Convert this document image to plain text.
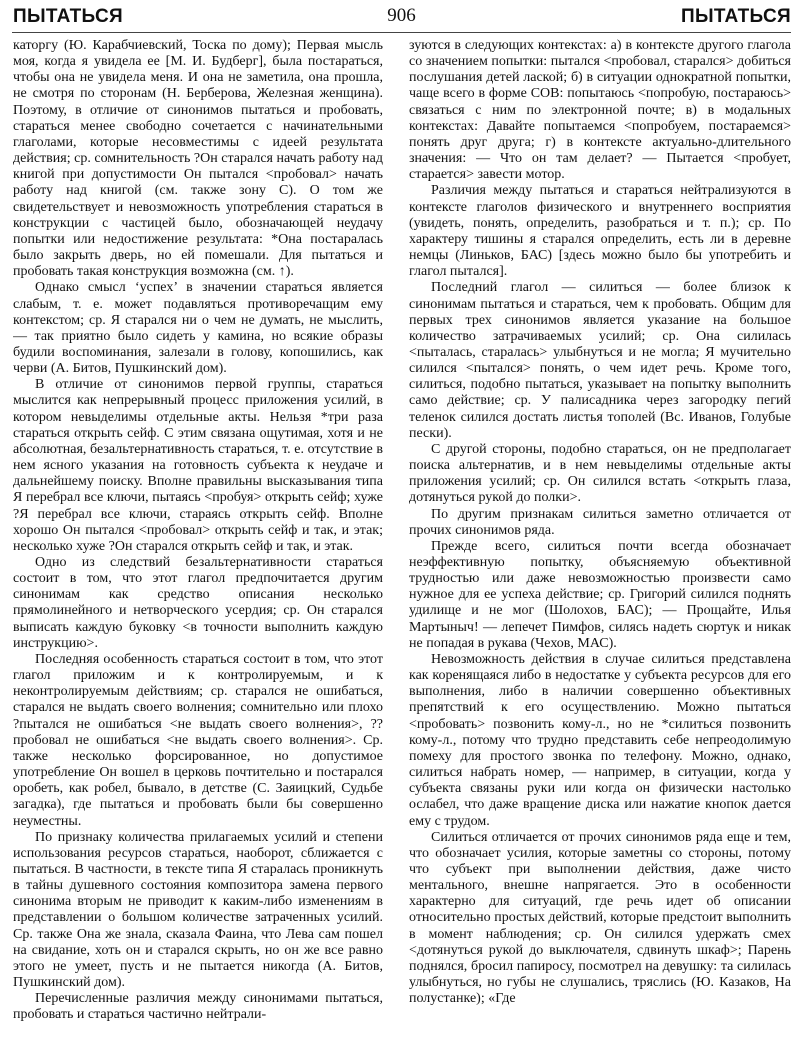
ПЫТАТЬСЯ	906	ПЫТАТЬСЯ

каторгу (Ю. Карабчиевский, Тоска по дому); Первая мысль моя, когда я увидела ее [М. И. Будберг], была постараться, чтобы она не увидела меня. И она не заметила, она прошла, не смотря по сторонам (Н. Берберова, Железная женщина). Поэтому, в отличие от синонимов пытаться и пробовать, стараться менее свободно сочетается с начинательными глаголами, которые несовместимы с идеей результата действия; ср. сомнительность ?Он старался начать работу над книгой при допустимости Он пытался <пробовал> начать работу над книгой (см. также зону С). О том же свидетельствует и невозможность употребления стараться в конструкции с частицей было, обозначающей неудачу попытки или недостижение результата: *Она постаралась было закрыть дверь, но ей помешали. Для пытаться и пробовать такая конструкция возможна (см. ↑).

Однако смысл ‘успех’ в значении стараться является слабым, т. е. может подавляться противоречащим ему контекстом; ср. Я старался ни о чем не думать, не мыслить, — так приятно было сидеть у камина, но всякие образы будили воспоминания, залезали в голову, копошились, как черви (А. Битов, Пушкинский дом).

В отличие от синонимов первой группы, стараться мыслится как непрерывный процесс приложения усилий, в котором невыделимы отдельные акты. Нельзя *три раза стараться открыть сейф. С этим связана ощутимая, хотя и не абсолютная, безальтернативность стараться, т. е. отсутствие в нем ясного указания на готовность субъекта к неудаче и дальнейшему поиску. Вполне правильны высказывания типа Я перебрал все ключи, пытаясь <пробуя> открыть сейф; хуже ?Я перебрал все ключи, стараясь открыть сейф. Вполне хорошо Он пытался <пробовал> открыть сейф и так, и этак; несколько хуже ?Он старался открыть сейф и так, и этак.

Одно из следствий безальтернативности стараться состоит в том, что этот глагол предпочитается другим синонимам как средство описания несколько прямолинейного и нетворческого усердия; ср. Он старался выписать каждую буковку <в точности выполнить каждую инструкцию>.

Последняя особенность стараться состоит в том, что этот глагол приложим и к контролируемым, и к неконтролируемым действиям; ср. старался не ошибаться, старался не выдать своего волнения; сомнительно или плохо ?пытался не ошибаться <не выдать своего волнения>, ??пробовал не ошибаться <не выдать своего волнения>. Ср. также несколько форсированное, но допустимое употребление Он вошел в церковь почтительно и постарался оробеть, как робел, бывало, в детстве (С. Заяицкий, Судьбе загадка), где пытаться и пробовать были бы совершенно неуместны.

По признаку количества прилагаемых усилий и степени использования ресурсов стараться, наоборот, сближается с пытаться. В частности, в тексте типа Я старалась проникнуть в тайны душевного состояния композитора замена первого синонима вторым не приводит к каким-либо изменениям в представлении о большом количестве затраченных усилий. Ср. также Она же знала, сказала Фаина, что Лева сам пошел на свидание, хоть он и старался скрыть, но он же все равно этого не умеет, пусть и не пытается никогда (А. Битов, Пушкинский дом).

Перечисленные различия между синонимами пытаться, пробовать и стараться частично нейтрали-

зуются в следующих контекстах: а) в контексте другого глагола со значением попытки: пытался <пробовал, старался> добиться послушания детей лаской; б) в ситуации однократной попытки, чаще всего в форме СОВ: попытаюсь <попробую, постараюсь> связаться с ним по электронной почте; в) в модальных контекстах: Давайте попытаемся <попробуем, постараемся> понять друг друга; г) в контексте актуально-длительного значения: — Что он там делает? — Пытается <пробует, старается> завести мотор.

Различия между пытаться и стараться нейтрализуются в контексте глаголов физического и внутреннего восприятия (увидеть, понять, определить, разобраться и т. п.); ср. По характеру тишины я старался определить, есть ли в деревне немцы (Линьков, БАС) [здесь можно было бы употребить и глагол пытался].

Последний глагол — силиться — более близок к синонимам пытаться и стараться, чем к пробовать. Общим для первых трех синонимов является указание на большое количество затрачиваемых усилий; ср. Она силилась <пыталась, старалась> улыбнуться и не могла; Я мучительно силился <пытался> понять, о чем идет речь. Кроме того, силиться, подобно пытаться, указывает на попытку выполнить само действие; ср. У палисадника через загородку пегий теленок силился достать листья тополей (Вс. Иванов, Голубые пески).

С другой стороны, подобно стараться, он не предполагает поиска альтернатив, и в нем невыделимы отдельные акты приложения усилий; ср. Он силился встать <открыть глаза, дотянуться рукой до полки>.

По другим признакам силиться заметно отличается от прочих синонимов ряда.

Прежде всего, силиться почти всегда обозначает неэффективную попытку, объясняемую объективной трудностью или даже невозможностью произвести само нужное для ее успеха действие; ср. Григорий силился поднять удилище и не мог (Шолохов, БАС); — Прощайте, Илья Мартыныч! — лепечет Пимфов, силясь надеть сюртук и никак не попадая в рукава (Чехов, МАС).

Невозможность действия в случае силиться представлена как коренящаяся либо в недостатке у субъекта ресурсов для его выполнения, либо в наличии совершенно объективных препятствий к его осуществлению. Можно пытаться <пробовать> позвонить кому-л., но не *силиться позвонить кому-л., потому что трудно представить себе непреодолимую помеху для простого звонка по телефону. Можно, однако, силиться набрать номер, — например, в ситуации, когда у субъекта связаны руки или когда он физически настолько ослабел, что даже вращение диска или нажатие кнопок дается ему с трудом.

Силиться отличается от прочих синонимов ряда еще и тем, что обозначает усилия, которые заметны со стороны, потому что субъект при выполнении действия, даже чисто ментального, внешне напрягается. Это в особенности характерно для ситуаций, где речь идет об описании относительно простых действий, которые предстоит выполнить в момент наблюдения; ср. Он силился удержать смех <дотянуться рукой до выключателя, сдвинуть шкаф>; Парень поднялся, бросил папиросу, посмотрел на девушку: та силилась улыбнуться, но губы не слушались, тряслись (Ю. Казаков, На полустанке); «Где
